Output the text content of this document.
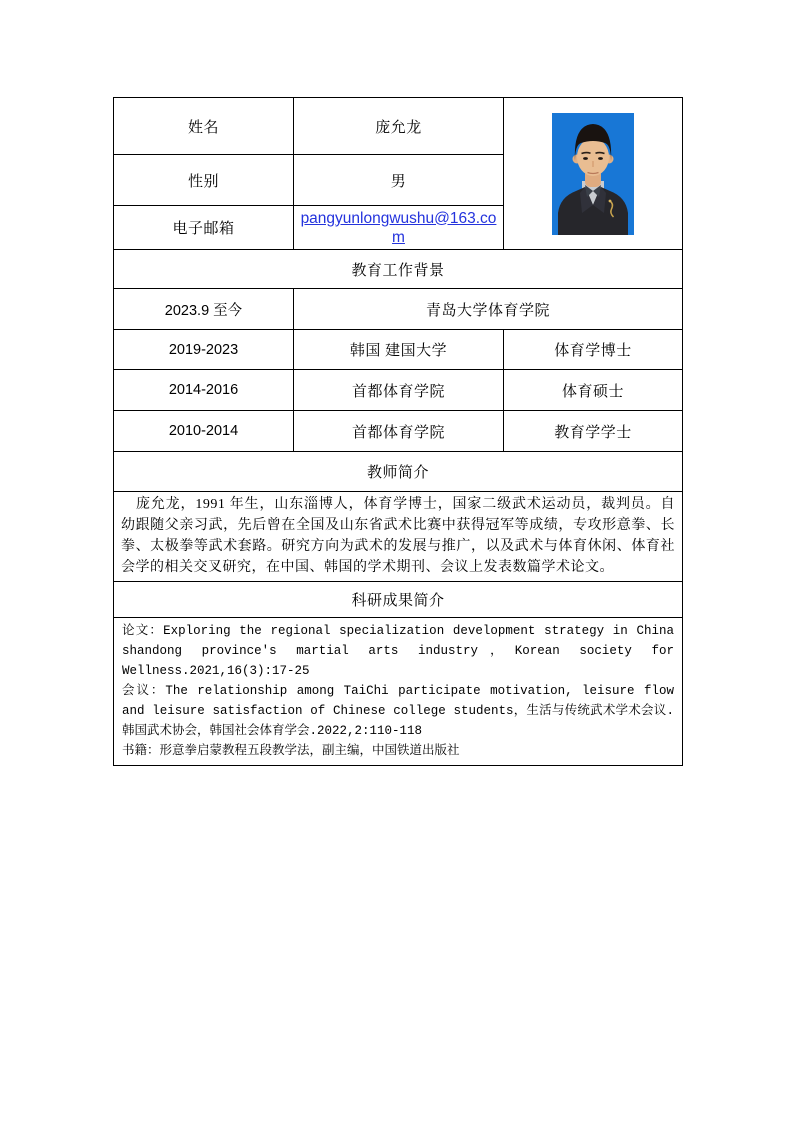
姓名	庞允龙	

性别	男	
电子邮箱	pangyunlongwushu@163.com	
教育工作背景		
2023.9 至今	青岛大学体育学院	
2019-2023	韩国 建国大学	体育学博士
2014-2016	首都体育学院	体育硕士
2010-2014	首都体育学院	教育学学士
教师简介		

庞允龙，1991 年生，山东淄博人，体育学博士，国家二级武术运动员，裁判员。自幼跟随父亲习武，先后曾在全国及山东省武术比赛中获得冠军等成绩，专攻形意拳、长拳、太极拳等武术套路。研究方向为武术的发展与推广，以及武术与体育休闲、体育社会学的相关交叉研究，在中国、韩国的学术期刊、会议上发表数篇学术论文。		

科研成果简介		

论文：Exploring the regional specialization development strategy in China shandong province's martial arts industry，Korean society for Wellness.2021,16(3):17-25
会议：The relationship among TaiChi participate motivation, leisure flow and leisure satisfaction of Chinese college students，生活与传统武术学术会议. 韩国武术协会，韩国社会体育学会.2022,2:110-118
书籍：形意拳启蒙教程五段教学法，副主编，中国铁道出版社		
